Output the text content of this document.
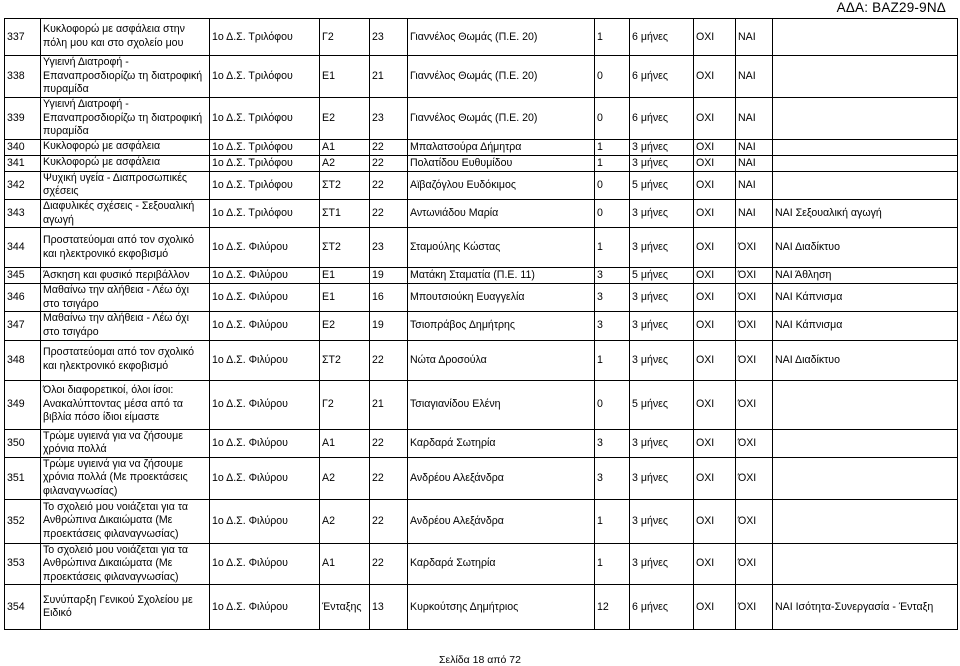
ΑΔΑ: ΒΑΖ29-9ΝΔ
337	Κυκλοφορώ με ασφάλεια στην πόλη μου και στο σχολείο μου	1ο Δ.Σ. Τριλόφου	Γ2	23	Γιαννέλος Θωμάς (Π.Ε. 20)	1	6 μήνες	ΟΧΙ	ΝΑΙ	
338	Υγιεινή Διατροφή - Επαναπροσδιορίζω τη διατροφική πυραμίδα	1ο Δ.Σ. Τριλόφου	Ε1	21	Γιαννέλος Θωμάς (Π.Ε. 20)	0	6 μήνες	ΟΧΙ	ΝΑΙ	
339	Υγιεινή Διατροφή - Επαναπροσδιορίζω τη διατροφική πυραμίδα	1ο Δ.Σ. Τριλόφου	Ε2	23	Γιαννέλος Θωμάς (Π.Ε. 20)	0	6 μήνες	ΟΧΙ	ΝΑΙ	
340	Κυκλοφορώ με ασφάλεια	1ο Δ.Σ. Τριλόφου	Α1	22	Μπαλατσούρα Δήμητρα	1	3 μήνες	ΟΧΙ	ΝΑΙ	
341	Κυκλοφορώ με ασφάλεια	1ο Δ.Σ. Τριλόφου	Α2	22	Πολατίδου Ευθυμίδου	1	3 μήνες	ΟΧΙ	ΝΑΙ	
342	Ψυχική υγεία - Διαπροσωπικές σχέσεις	1ο Δ.Σ. Τριλόφου	ΣΤ2	22	Αϊβαζόγλου Ευδόκιμος	0	5 μήνες	ΟΧΙ	ΝΑΙ	
343	Διαφυλικές σχέσεις - Σεξουαλική αγωγή	1ο Δ.Σ. Τριλόφου	ΣΤ1	22	Αντωνιάδου Μαρία	0	3 μήνες	ΟΧΙ	ΝΑΙ	ΝΑΙ Σεξουαλική αγωγή
344	Προστατεύομαι από τον σχολικό και ηλεκτρονικό εκφοβισμό	1ο Δ.Σ. Φιλύρου	ΣΤ2	23	Σταμούλης Κώστας	1	3 μήνες	ΟΧΙ	ΌΧΙ	ΝΑΙ Διαδίκτυο
345	Άσκηση και φυσικό περιβάλλον	1ο Δ.Σ. Φιλύρου	Ε1	19	Ματάκη Σταματία (Π.Ε. 11)	3	5 μήνες	ΟΧΙ	ΌΧΙ	ΝΑΙ Άθληση
346	Μαθαίνω την αλήθεια - Λέω όχι στο τσιγάρο	1ο Δ.Σ. Φιλύρου	Ε1	16	Μπουτσιούκη Ευαγγελία	3	3 μήνες	ΟΧΙ	ΌΧΙ	ΝΑΙ Κάπνισμα
347	Μαθαίνω την αλήθεια - Λέω όχι στο τσιγάρο	1ο Δ.Σ. Φιλύρου	Ε2	19	Τσιοπράβος Δημήτρης	3	3 μήνες	ΟΧΙ	ΌΧΙ	ΝΑΙ Κάπνισμα
348	Προστατεύομαι από τον σχολικό και ηλεκτρονικό εκφοβισμό	1ο Δ.Σ. Φιλύρου	ΣΤ2	22	Νώτα Δροσούλα	1	3 μήνες	ΟΧΙ	ΌΧΙ	ΝΑΙ Διαδίκτυο
349	Όλοι διαφορετικοί, όλοι ίσοι: Ανακαλύπτοντας μέσα από τα βιβλία πόσο ίδιοι είμαστε	1ο Δ.Σ. Φιλύρου	Γ2	21	Τσιαγιανίδου Ελένη	0	5 μήνες	ΟΧΙ	ΌΧΙ	
350	Τρώμε υγιεινά για να ζήσουμε χρόνια πολλά	1ο Δ.Σ. Φιλύρου	Α1	22	Καρδαρά Σωτηρία	3	3 μήνες	ΟΧΙ	ΌΧΙ	
351	Τρώμε υγιεινά για να ζήσουμε χρόνια πολλά (Με προεκτάσεις φιλαναγνωσίας)	1ο Δ.Σ. Φιλύρου	Α2	22	Ανδρέου Αλεξάνδρα	3	3 μήνες	ΟΧΙ	ΌΧΙ	
352	Το σχολειό μου νοιάζεται για τα Ανθρώπινα Δικαιώματα (Με προεκτάσεις φιλαναγνωσίας)	1ο Δ.Σ. Φιλύρου	Α2	22	Ανδρέου Αλεξάνδρα	1	3 μήνες	ΟΧΙ	ΌΧΙ	
353	Το σχολειό μου νοιάζεται για τα Ανθρώπινα Δικαιώματα (Με προεκτάσεις φιλαναγνωσίας)	1ο Δ.Σ. Φιλύρου	Α1	22	Καρδαρά Σωτηρία	1	3 μήνες	ΟΧΙ	ΌΧΙ	
354	Συνύπαρξη Γενικού Σχολείου με Ειδικό	1ο Δ.Σ. Φιλύρου	Ένταξης	13	Κυρκούτσης Δημήτριος	12	6 μήνες	ΟΧΙ	ΌΧΙ	ΝΑΙ Ισότητα-Συνεργασία - Ένταξη
Σελίδα 18 από 72
